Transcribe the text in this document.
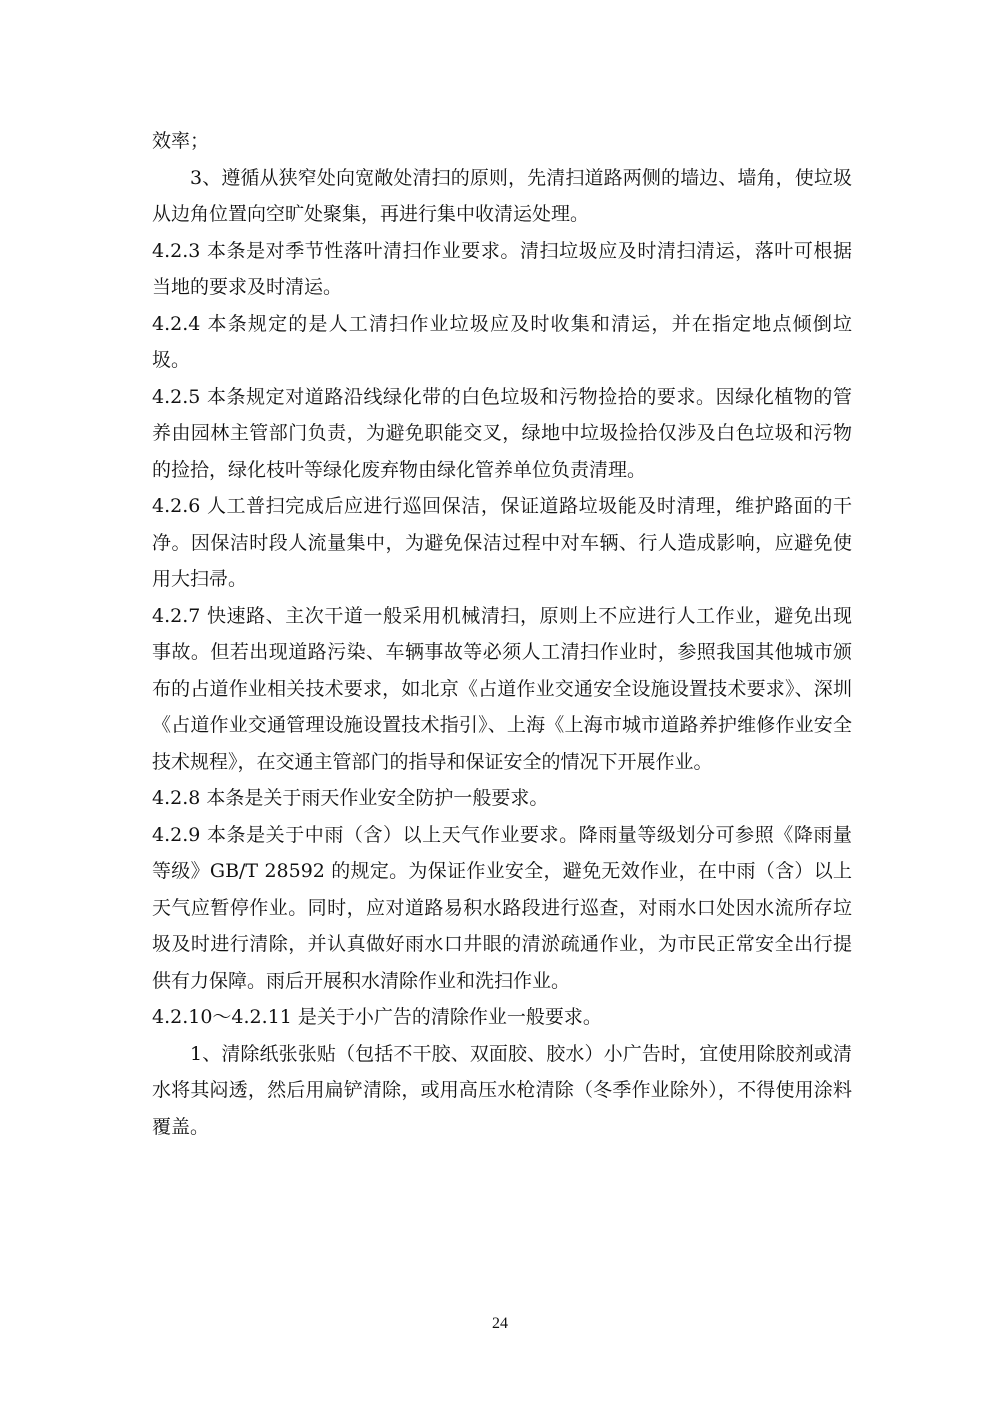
效率；

3、遵循从狭窄处向宽敞处清扫的原则，先清扫道路两侧的墙边、墙角，使垃圾从边角位置向空旷处聚集，再进行集中收清运处理。

4.2.3 本条是对季节性落叶清扫作业要求。清扫垃圾应及时清扫清运，落叶可根据当地的要求及时清运。

4.2.4 本条规定的是人工清扫作业垃圾应及时收集和清运，并在指定地点倾倒垃圾。

4.2.5 本条规定对道路沿线绿化带的白色垃圾和污物捡拾的要求。因绿化植物的管养由园林主管部门负责，为避免职能交叉，绿地中垃圾捡拾仅涉及白色垃圾和污物的捡拾，绿化枝叶等绿化废弃物由绿化管养单位负责清理。

4.2.6 人工普扫完成后应进行巡回保洁，保证道路垃圾能及时清理，维护路面的干净。因保洁时段人流量集中，为避免保洁过程中对车辆、行人造成影响，应避免使用大扫帚。

4.2.7 快速路、主次干道一般采用机械清扫，原则上不应进行人工作业，避免出现事故。但若出现道路污染、车辆事故等必须人工清扫作业时，参照我国其他城市颁布的占道作业相关技术要求，如北京《占道作业交通安全设施设置技术要求》、深圳《占道作业交通管理设施设置技术指引》、上海《上海市城市道路养护维修作业安全技术规程》，在交通主管部门的指导和保证安全的情况下开展作业。

4.2.8 本条是关于雨天作业安全防护一般要求。

4.2.9 本条是关于中雨（含）以上天气作业要求。降雨量等级划分可参照《降雨量等级》GB/T 28592 的规定。为保证作业安全，避免无效作业，在中雨（含）以上天气应暂停作业。同时，应对道路易积水路段进行巡查，对雨水口处因水流所存垃圾及时进行清除，并认真做好雨水口井眼的清淤疏通作业，为市民正常安全出行提供有力保障。雨后开展积水清除作业和洗扫作业。

4.2.10～4.2.11 是关于小广告的清除作业一般要求。

1、清除纸张张贴（包括不干胶、双面胶、胶水）小广告时，宜使用除胶剂或清水将其闷透，然后用扁铲清除，或用高压水枪清除（冬季作业除外），不得使用涂料覆盖。

24
